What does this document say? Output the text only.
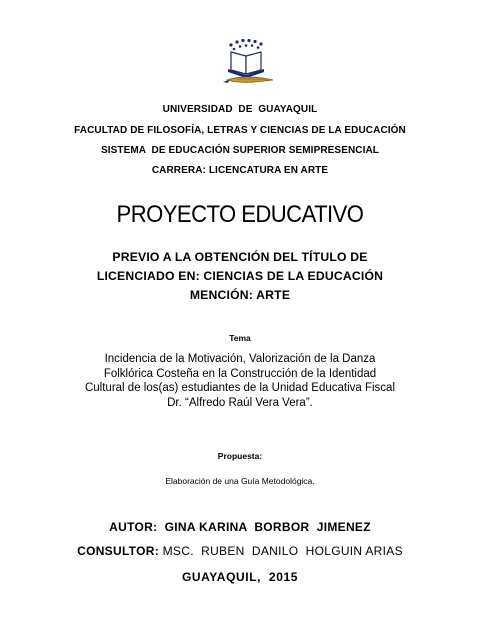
UNIVERSIDAD  DE  GUAYAQUIL
FACULTAD DE FILOSOFÍA, LETRAS Y CIENCIAS DE LA EDUCACIÓN
SISTEMA  DE EDUCACIÓN SUPERIOR SEMIPRESENCIAL
CARRERA: LICENCATURA EN ARTE
PROYECTO EDUCATIVO
PREVIO A LA OBTENCIÓN DEL TÍTULO DE
LICENCIADO EN: CIENCIAS DE LA EDUCACIÓN
MENCIÓN: ARTE
Tema
Incidencia de la Motivación, Valorización de la Danza Folklórica Costeña en la Construcción de la Identidad Cultural de los(as) estudiantes de la Unidad Educativa Fiscal Dr. “Alfredo Raúl Vera Vera”.
Propuesta:
Elaboración de una Guía Metodológica.
AUTOR:  GINA KARINA  BORBOR  JIMENEZ
CONSULTOR: MSC.  RUBEN  DANILO  HOLGUIN ARIAS
GUAYAQUIL,  2015
